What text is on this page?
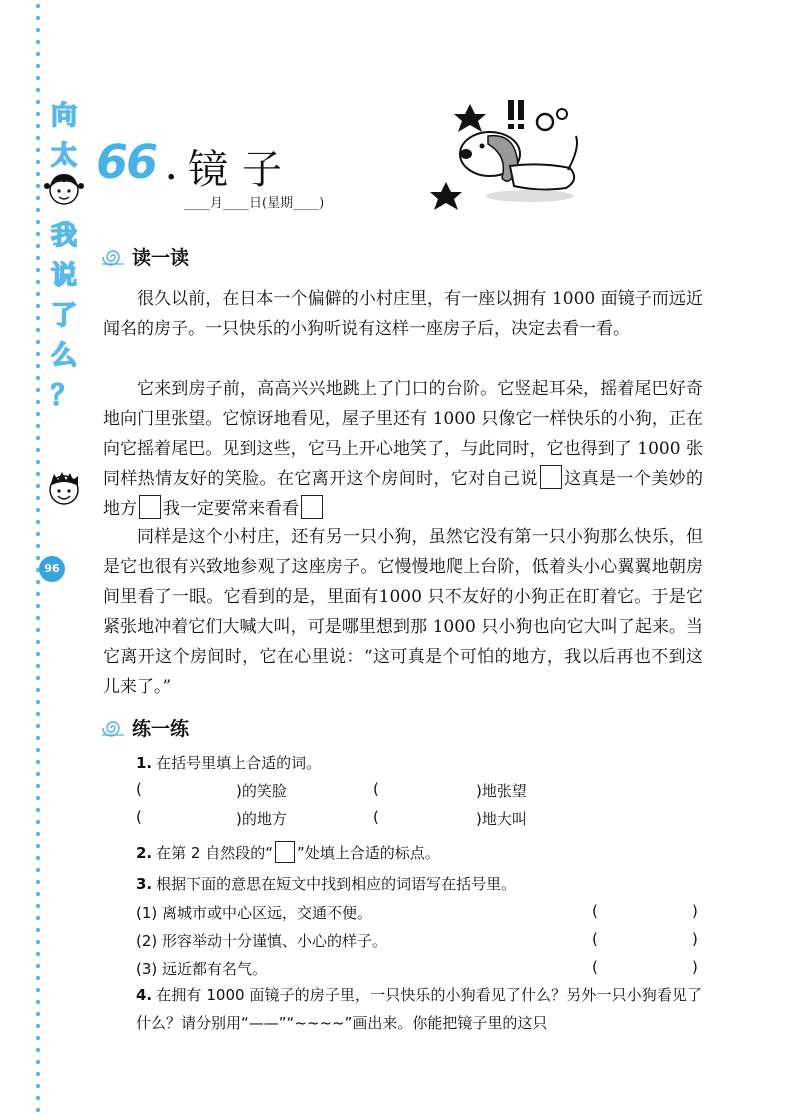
向
太
我
说
了
么
？
96
66 . 镜子
____月____日(星期____)
读一读

很久以前，在日本一个偏僻的小村庄里，有一座以拥有 1000 面镜子而远近闻名的房子。一只快乐的小狗听说有这样一座房子后，决定去看一看。

它来到房子前，高高兴兴地跳上了门口的台阶。它竖起耳朵，摇着尾巴好奇地向门里张望。它惊讶地看见，屋子里还有 1000 只像它一样快乐的小狗，正在向它摇着尾巴。见到这些，它马上开心地笑了，与此同时，它也得到了 1000 张同样热情友好的笑脸。在它离开这个房间时，它对自己说 这真是一个美妙的地方 我一定要常来看看

同样是这个小村庄，还有另一只小狗，虽然它没有第一只小狗那么快乐，但是它也很有兴致地参观了这座房子。它慢慢地爬上台阶，低着头小心翼翼地朝房间里看了一眼。它看到的是，里面有1000 只不友好的小狗正在盯着它。于是它紧张地冲着它们大喊大叫，可是哪里想到那 1000 只小狗也向它大叫了起来。当它离开这个房间时，它在心里说：“这可真是个可怕的地方，我以后再也不到这儿来了。”

练一练
1. 在括号里填上合适的词。
(	)的笑脸	(	)地张望
(	)的地方	(	)地大叫
2. 在第 2 自然段的“ ”处填上合适的标点。
3. 根据下面的意思在短文中找到相应的词语写在括号里。
(1) 离城市或中心区远，交通不便。	(	)
(2) 形容举动十分谨慎、小心的样子。	(	)
(3) 远近都有名气。	(	)

4. 在拥有 1000 面镜子的房子里，一只快乐的小狗看见了什么？另外一只小狗看见了什么？请分别用“——”“~~~~”画出来。你能把镜子里的这只
